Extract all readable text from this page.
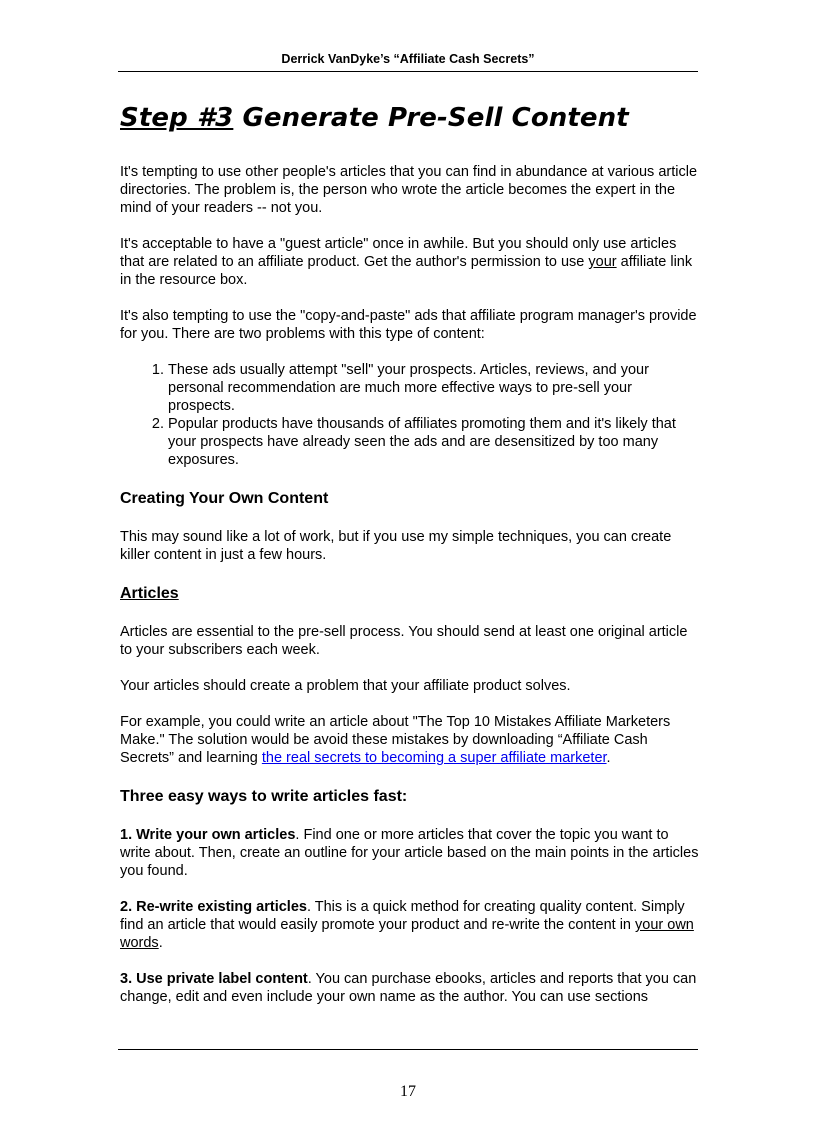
Derrick VanDyke’s “Affiliate Cash Secrets”
Step #3 Generate Pre-Sell Content

It's tempting to use other people's articles that you can find in abundance at various article directories. The problem is, the person who wrote the article becomes the expert in the mind of your readers -- not you.

It's acceptable to have a "guest article" once in awhile. But you should only use articles that are related to an affiliate product. Get the author's permission to use your affiliate link in the resource box.

It's also tempting to use the "copy-and-paste" ads that affiliate program manager's provide for you. There are two problems with this type of content:

1. These ads usually attempt "sell" your prospects. Articles, reviews, and your personal recommendation are much more effective ways to pre-sell your prospects.
2. Popular products have thousands of affiliates promoting them and it's likely that your prospects have already seen the ads and are desensitized by too many exposures.
Creating Your Own Content

This may sound like a lot of work, but if you use my simple techniques, you can create killer content in just a few hours.

Articles

Articles are essential to the pre-sell process. You should send at least one original article to your subscribers each week.

Your articles should create a problem that your affiliate product solves.

For example, you could write an article about "The Top 10 Mistakes Affiliate Marketers Make." The solution would be avoid these mistakes by downloading “Affiliate Cash Secrets” and learning the real secrets to becoming a super affiliate marketer.

Three easy ways to write articles fast:

1. Write your own articles. Find one or more articles that cover the topic you want to write about. Then, create an outline for your article based on the main points in the articles you found.

2. Re-write existing articles. This is a quick method for creating quality content. Simply find an article that would easily promote your product and re-write the content in your own words.

3. Use private label content. You can purchase ebooks, articles and reports that you can change, edit and even include your own name as the author. You can use sections

17
